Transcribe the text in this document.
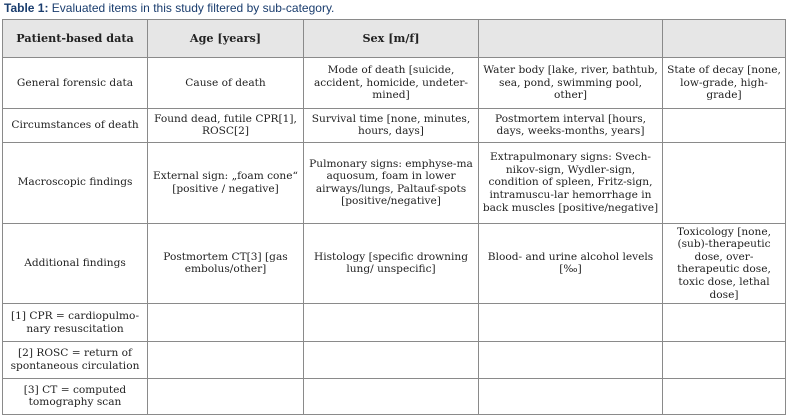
Table 1: Evaluated items in this study filtered by sub-category.
Patient-based data	Age [years]	Sex [m/f]		
General forensic data	Cause of death	Mode of death [suicide, accident, homicide, undeter-mined]	Water body [lake, river, bathtub, sea, pond, swimming pool, other]	State of decay [none, low-grade, high-grade]
Circumstances of death	Found dead, futile CPR[1], ROSC[2]	Survival time [none, minutes, hours, days]	Postmortem interval [hours, days, weeks-months, years]	
Macroscopic findings	External sign: „foam cone“ [positive / negative]	Pulmonary signs: emphyse-ma aquosum, foam in lower airways/lungs, Paltauf-spots [positive/negative]	Extrapulmonary signs: Svech-nikov-sign, Wydler-sign, condition of spleen, Fritz-sign, intramuscu-lar hemorrhage in back muscles [positive/negative]	
Additional findings	Postmortem CT[3] [gas embolus/other]	Histology [specific drowning lung/ unspecific]	Blood- and urine alcohol levels [‰]	Toxicology [none, (sub)-therapeutic dose, over-therapeutic dose, toxic dose, lethal dose]
[1] CPR = cardiopulmo-nary resuscitation				
[2] ROSC = return of spontaneous circulation				
[3] CT = computed tomography scan				
